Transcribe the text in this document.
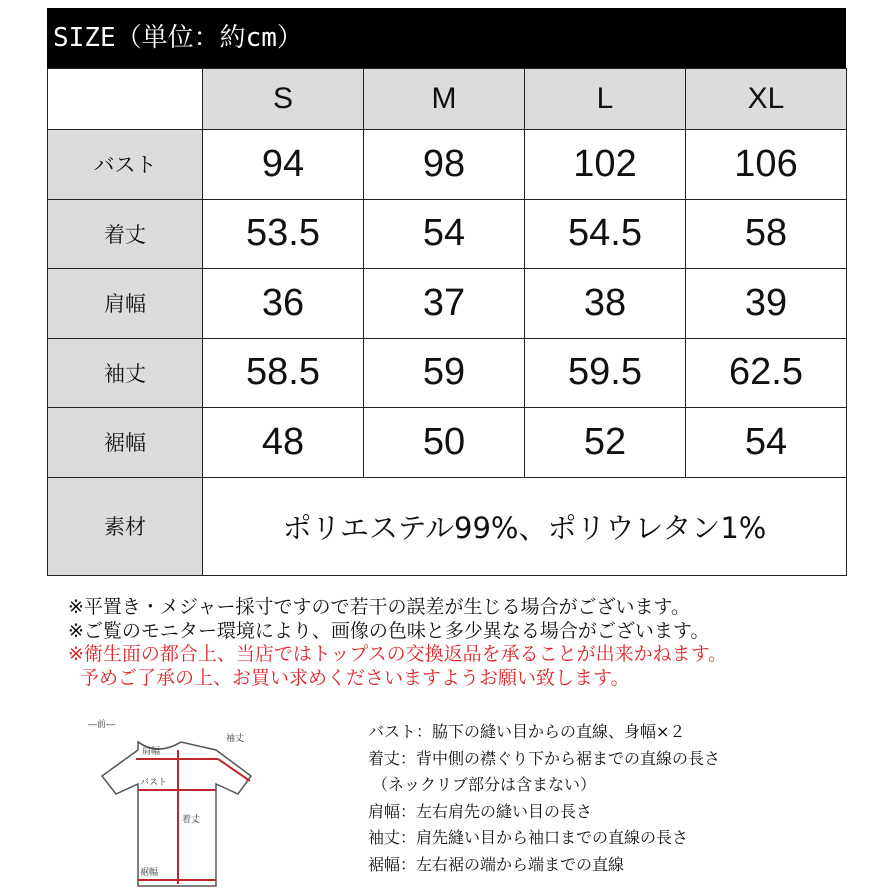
SIZE（単位：約cm）
	S	M	L	XL
バスト	94	98	102	106
着丈	53.5	54	54.5	58
肩幅	36	37	38	39
袖丈	58.5	59	59.5	62.5
裾幅	48	50	52	54
素材	ポリエステル99%、ポリウレタン1%			
※平置き・メジャー採寸ですので若干の誤差が生じる場合がございます。
※ご覧のモニター環境により、画像の色味と多少異なる場合がございます。
※衛生面の都合上、当店ではトップスの交換返品を承ることが出来かねます。
予めご了承の上、お買い求めくださいますようお願い致します。
―前―
肩幅
袖丈
バスト
着丈
裾幅
バスト：脇下の縫い目からの直線、身幅×２
着丈：背中側の襟ぐり下から裾までの直線の長さ
（ネックリブ部分は含まない）
肩幅：左右肩先の縫い目の長さ
袖丈：肩先縫い目から袖口までの直線の長さ
裾幅：左右裾の端から端までの直線
